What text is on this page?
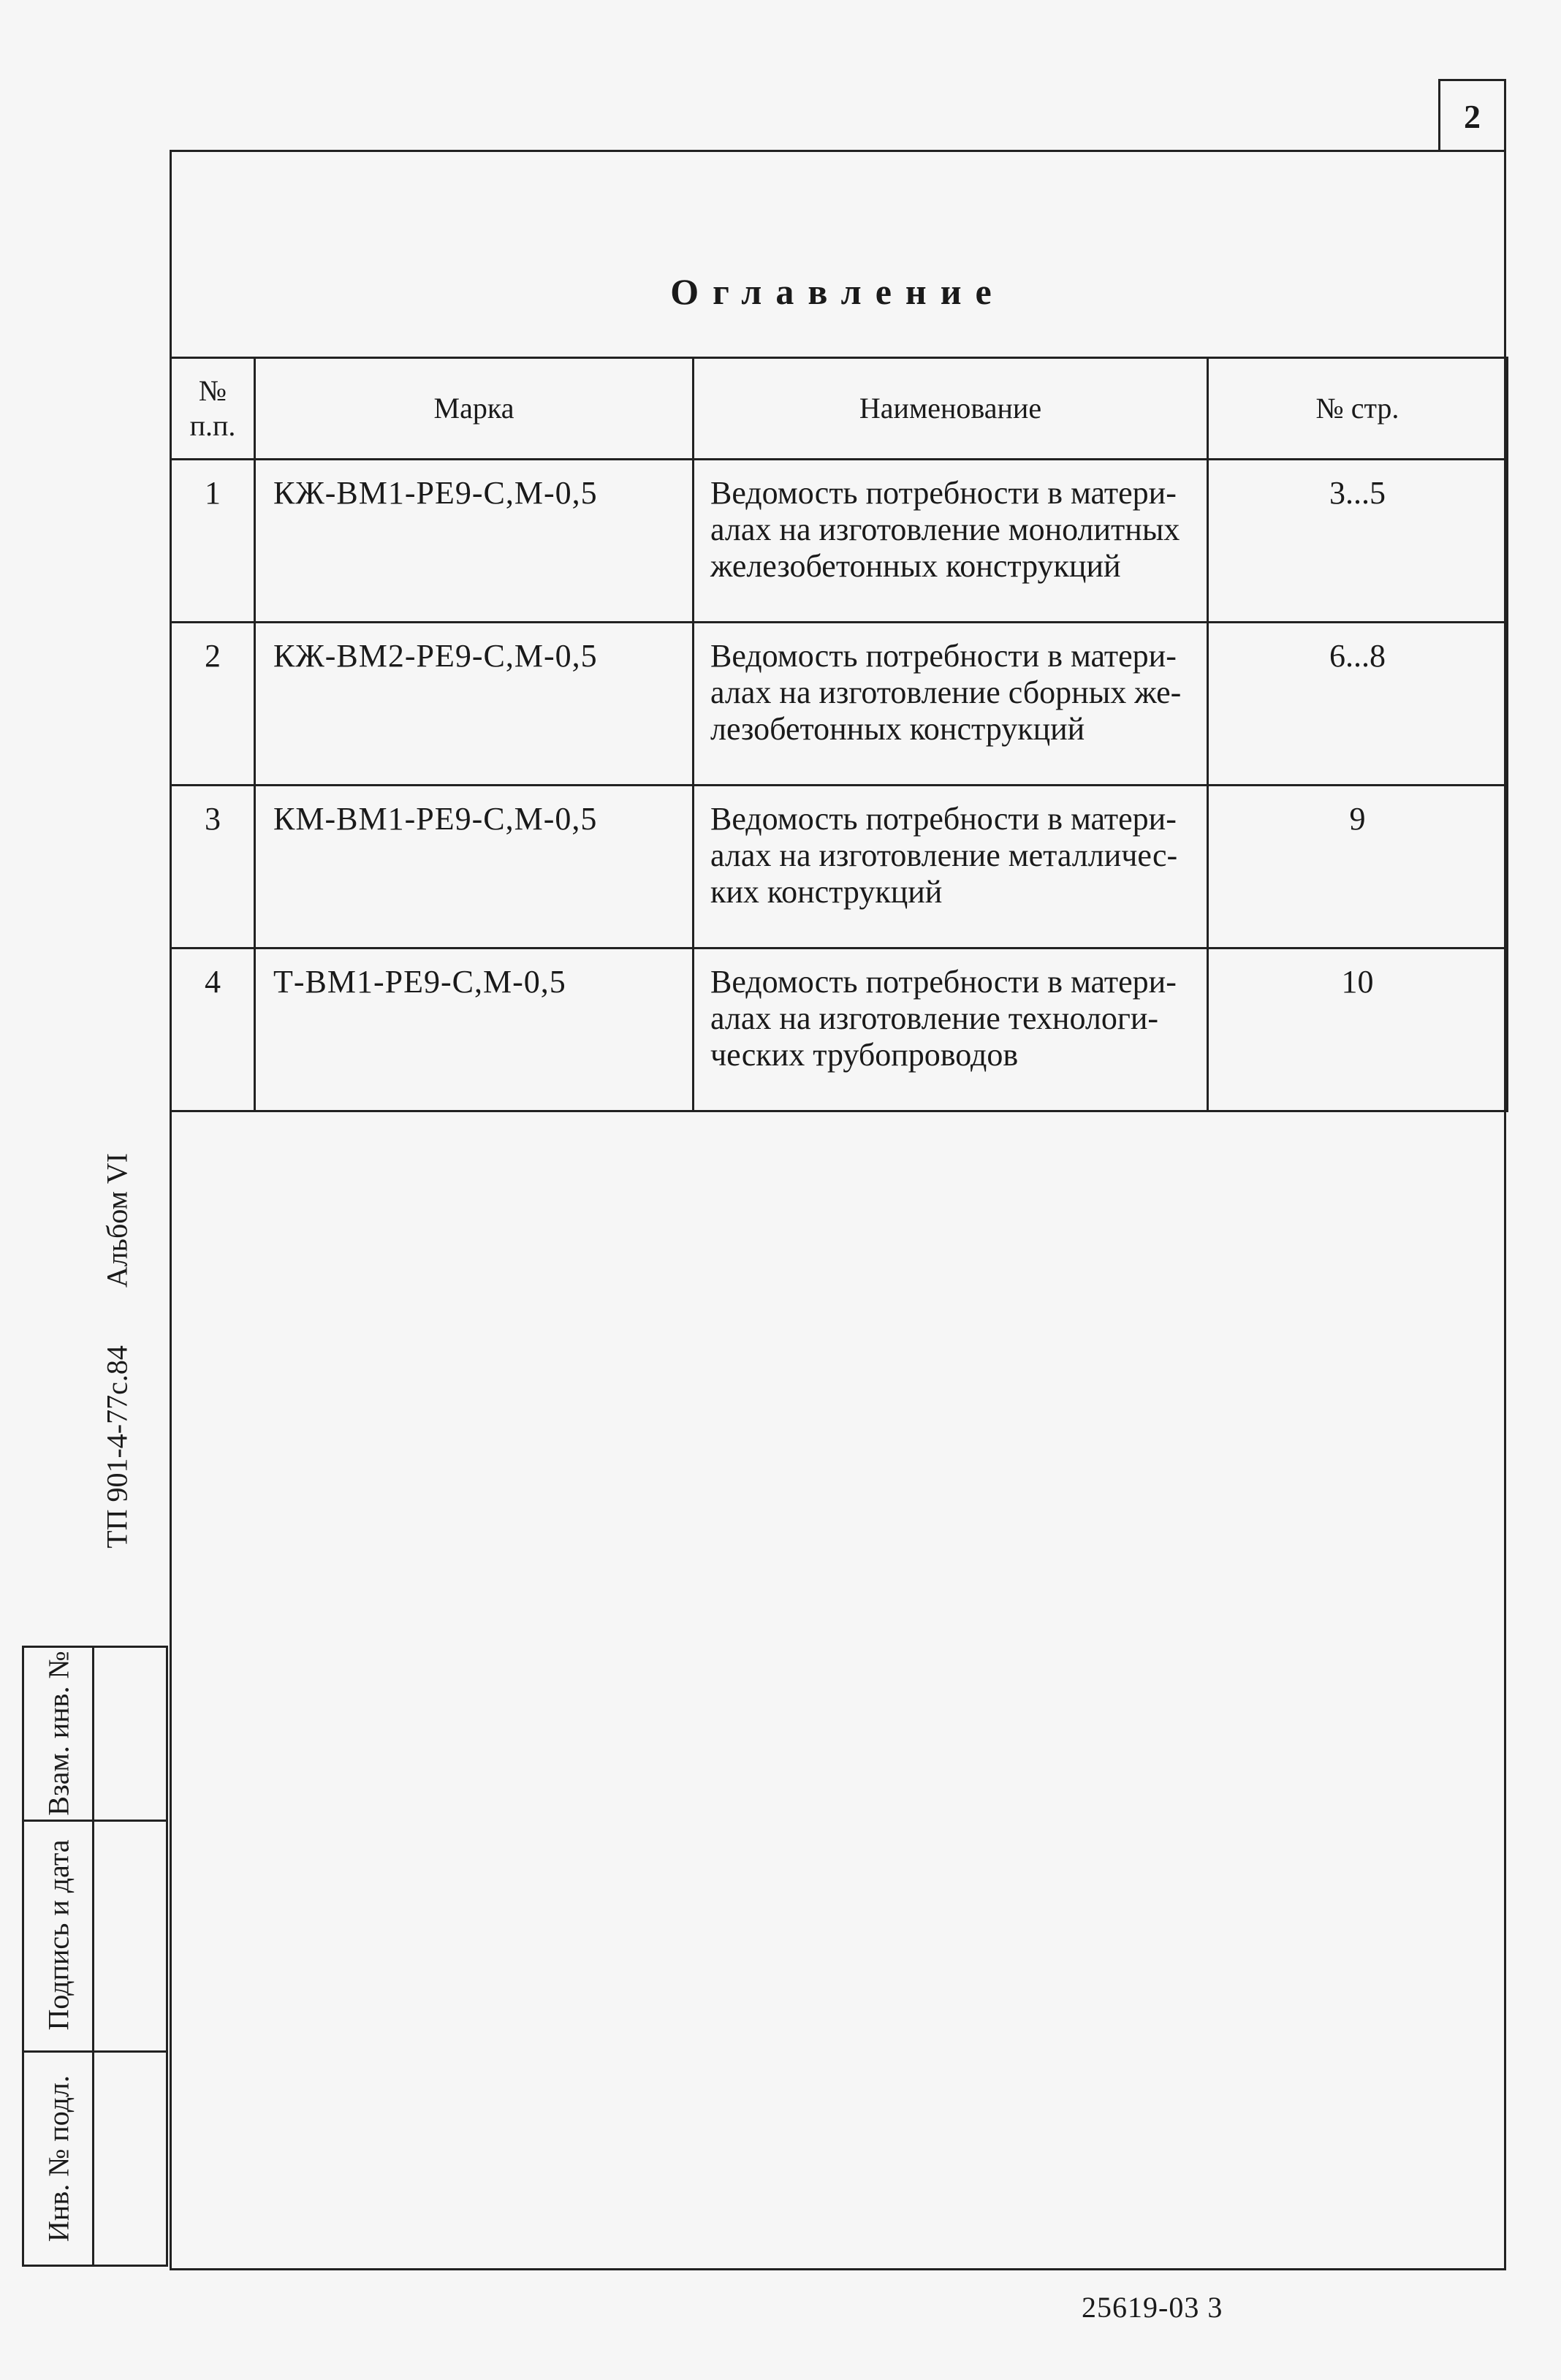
2
Оглавление
№
п.п.	Марка	Наименование	№ стр.
1	КЖ-ВМ1-РЕ9-С,М-0,5	Ведомость потребности в матери-
алах на изготовление монолитных
железобетонных конструкций	3...5
2	КЖ-ВМ2-РЕ9-С,М-0,5	Ведомость потребности в матери-
алах на изготовление сборных же-
лезобетонных конструкций	6...8
3	КМ-ВМ1-РЕ9-С,М-0,5	Ведомость потребности в матери-
алах на изготовление металличес-
ких конструкций	9
4	Т-ВМ1-РЕ9-С,М-0,5	Ведомость потребности в матери-
алах на изготовление технологи-
ческих трубопроводов	10
Альбом VI
ТП 901-4-77с.84
Взам. инв. №
Подпись и дата
Инв. № подл.
25619-03 3
